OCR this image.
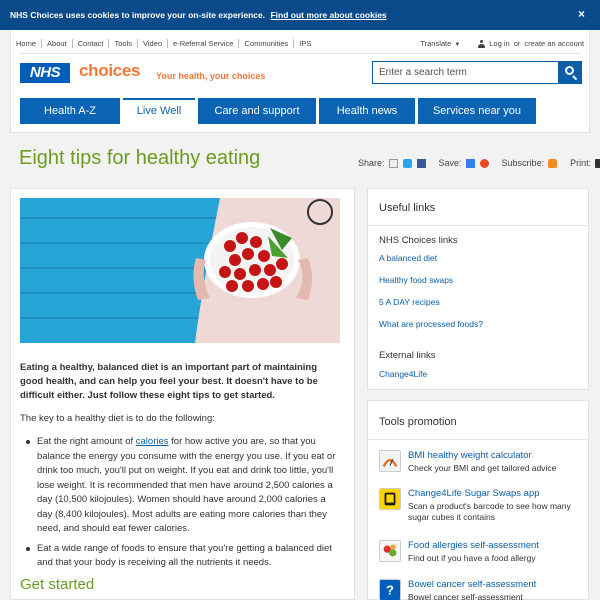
NHS Choices uses cookies to improve your on-site experience. Find out more about cookies	×
Home	About	Contact	Tools	Video	e-Referral Service	Communities	IPS	Translate ▼	Log in or create an account
NHS	choices Your health, your choices
Enter a search term
Health A-Z	Live Well	Care and support	Health news	Services near you
Eight tips for healthy eating	Share:	Save:	Subscribe:	Print:

Eating a healthy, balanced diet is an important part of maintaining good health, and can help you feel your best. It doesn't have to be difficult either. Just follow these eight tips to get started.

The key to a healthy diet is to do the following:

Eat the right amount of calories for how active you are, so that you balance the energy you consume with the energy you use. If you eat or drink too much, you'll put on weight. If you eat and drink too little, you'll lose weight. It is recommended that men have around 2,500 calories a day (10,500 kilojoules). Women should have around 2,000 calories a day (8,400 kilojoules). Most adults are eating more calories than they need, and should eat fewer calories.
Eat a wide range of foods to ensure that you're getting a balanced diet and that your body is receiving all the nutrients it needs.
Get started
Useful links
NHS Choices links
A balanced diet
Healthy food swaps
5 A DAY recipes
What are processed foods?
External links
Change4Life
Tools promotion
BMI healthy weight calculator
Check your BMI and get tailored advice
Change4Life Sugar Swaps app
Scan a product's barcode to see how many sugar cubes it contains
Food allergies self-assessment
Find out if you have a food allergy
? Bowel cancer self-assessment
Bowel cancer self-assessment
